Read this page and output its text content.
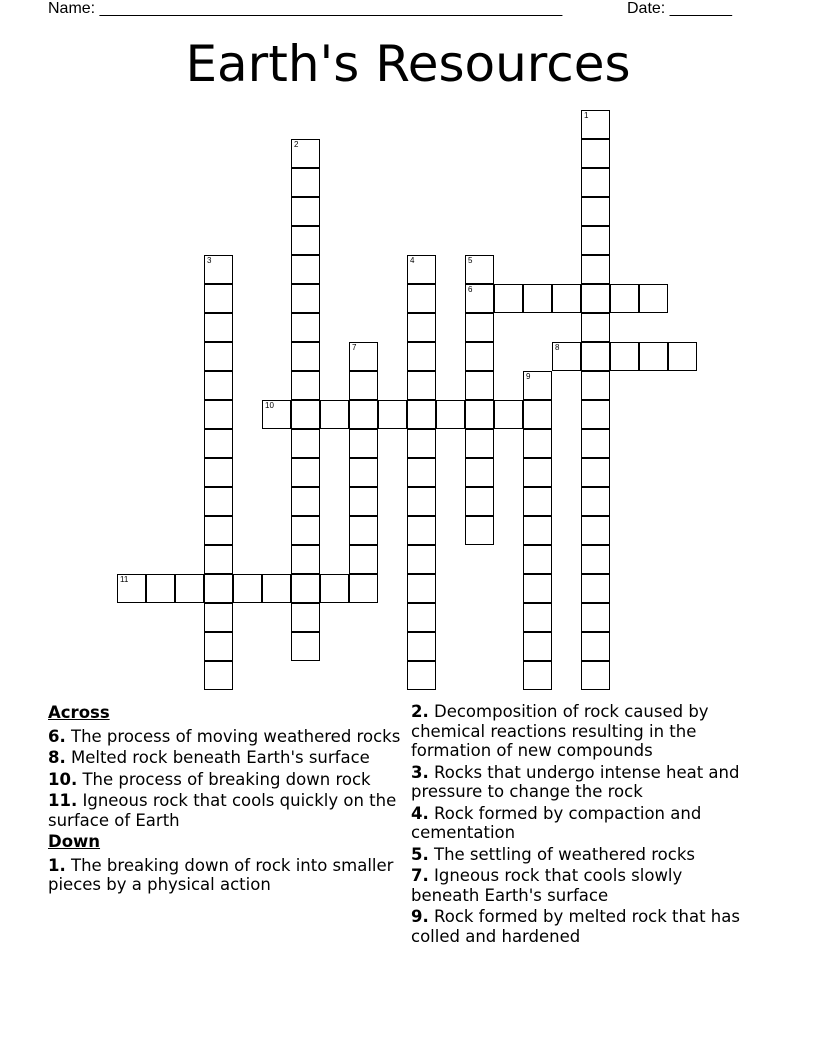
Name: ____________________________________________________	Date: _______
Earth's Resources
1
2
3	4	5
6
7	8
9
10
11
Across
6. The process of moving weathered rocks
8. Melted rock beneath Earth's surface
10. The process of breaking down rock
11. Igneous rock that cools quickly on the surface of Earth
Down
1. The breaking down of rock into smaller pieces by a physical action
2. Decomposition of rock caused by chemical reactions resulting in the formation of new compounds
3. Rocks that undergo intense heat and pressure to change the rock
4. Rock formed by compaction and cementation
5. The settling of weathered rocks
7. Igneous rock that cools slowly beneath Earth's surface
9. Rock formed by melted rock that has colled and hardened
